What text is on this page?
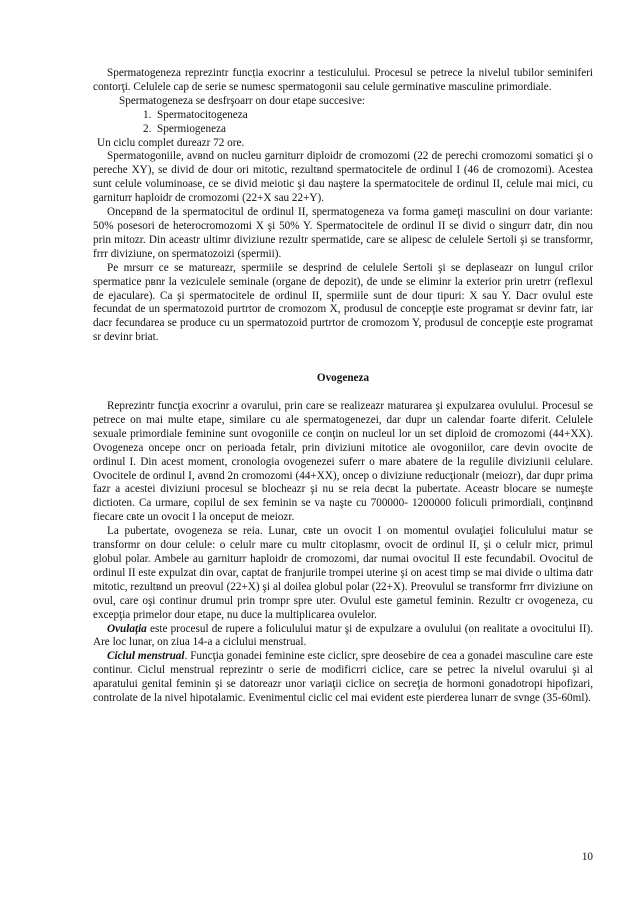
Spermatogeneza reprezintr funcția exocrinr a testiculului. Procesul se petrece la nivelul tubilor seminiferi contorţi. Celulele cap de serie se numesc spermatogonii sau celule germinative masculine primordiale.

Spermatogeneza se desfrşoarr on dour etape succesive:

1. Spermatocitogeneza

2. Spermiogeneza

Un ciclu complet dureazr 72 ore.

Spermatogoniile, avвnd on nucleu garniturr diploidr de cromozomi (22 de perechi cromozomi somatici şi o pereche XY), se divid de dour ori mitotic, rezultвnd spermatocitele de ordinul I (46 de cromozomi). Acestea sunt celule voluminoase, ce se divid meiotic şi dau naştere la spermatocitele de ordinul II, celule mai mici, cu garniturr haploidr de cromozomi (22+X sau 22+Y).

Oncepвnd de la spermatocitul de ordinul II, spermatogeneza va forma gameţi masculini on dour variante: 50% posesori de heterocromozomi X şi 50% Y. Spermatocitele de ordinul II se divid o singurr datr, din nou prin mitozr. Din aceastr ultimr diviziune rezultr spermatide, care se alipesc de celulele Sertoli şi se transformr, frrr diviziune, on spermatozoizi (spermii).

Pe mrsurr ce se matureazr, spermiile se desprind de celulele Sertoli şi se deplaseazr on lungul crilor spermatice pвnr la veziculele seminale (organe de depozit), de unde se eliminr la exterior prin uretrr (reflexul de ejaculare). Ca şi spermatocitele de ordinul II, spermiile sunt de dour tipuri: X sau Y. Dacr ovulul este fecundat de un spermatozoid purtrtor de cromozom X, produsul de concepţie este programat sr devinr fatr, iar dacr fecundarea se produce cu un spermatozoid purtrtor de cromozom Y, produsul de concepţie este programat sr devinr briat.

Ovogeneza

Reprezintr funcţia exocrinr a ovarului, prin care se realizeazr maturarea şi expulzarea ovulului. Procesul se petrece on mai multe etape, similare cu ale spermatogenezei, dar dupr un calendar foarte diferit. Celulele sexuale primordiale feminine sunt ovogoniile ce conţin on nucleul lor un set diploid de cromozomi (44+XX). Ovogeneza oncepe oncr on perioada fetalr, prin diviziuni mitotice ale ovogoniilor, care devin ovocite de ordinul I. Din acest moment, cronologia ovogenezei suferr o mare abatere de la regulile diviziunii celulare. Ovocitele de ordinul I, avвnd 2n cromozomi (44+XX), oncep o diviziune reducţionalr (meiozr), dar dupr prima fazr a acestei diviziuni procesul se blocheazr şi nu se reia decвt la pubertate. Aceastr blocare se numeşte dictioten. Ca urmare, copilul de sex feminin se va naşte cu 700000- 1200000 foliculi primordiali, conţinвnd fiecare cвte un ovocit I la onceput de meiozr.

La pubertate, ovogeneza se reia. Lunar, cвte un ovocit I on momentul ovulaţiei foliculului matur se transformr on dour celule: o celulr mare cu multr citoplasmr, ovocit de ordinul II, şi o celulr micr, primul globul polar. Ambele au garniturr haploidr de cromozomi, dar numai ovocitul II este fecundabil. Ovocitul de ordinul II este expulzat din ovar, captat de franjurile trompei uterine şi on acest timp se mai divide o ultima datr mitotic, rezultвnd un preovul (22+X) şi al doilea globul polar (22+X). Preovulul se transformr frrr diviziune on ovul, care oşi continur drumul prin trompr spre uter. Ovulul este gametul feminin. Rezultr cr ovogeneza, cu excepţia primelor dour etape, nu duce la multiplicarea ovulelor.

Ovulaţia este procesul de rupere a foliculului matur şi de expulzare a ovulului (on realitate a ovocitului II). Are loc lunar, on ziua 14-a a ciclului menstrual.

Ciclul menstrual. Funcţia gonadei feminine este ciclicr, spre deosebire de cea a gonadei masculine care este continur. Ciclul menstrual reprezintr o serie de modificrri ciclice, care se petrec la nivelul ovarului şi al aparatului genital feminin şi se datoreazr unor variaţii ciclice on secreţia de hormoni gonadotropi hipofizari, controlate de la nivel hipotalamic. Evenimentul ciclic cel mai evident este pierderea lunarr de svnge (35-60ml).

10
